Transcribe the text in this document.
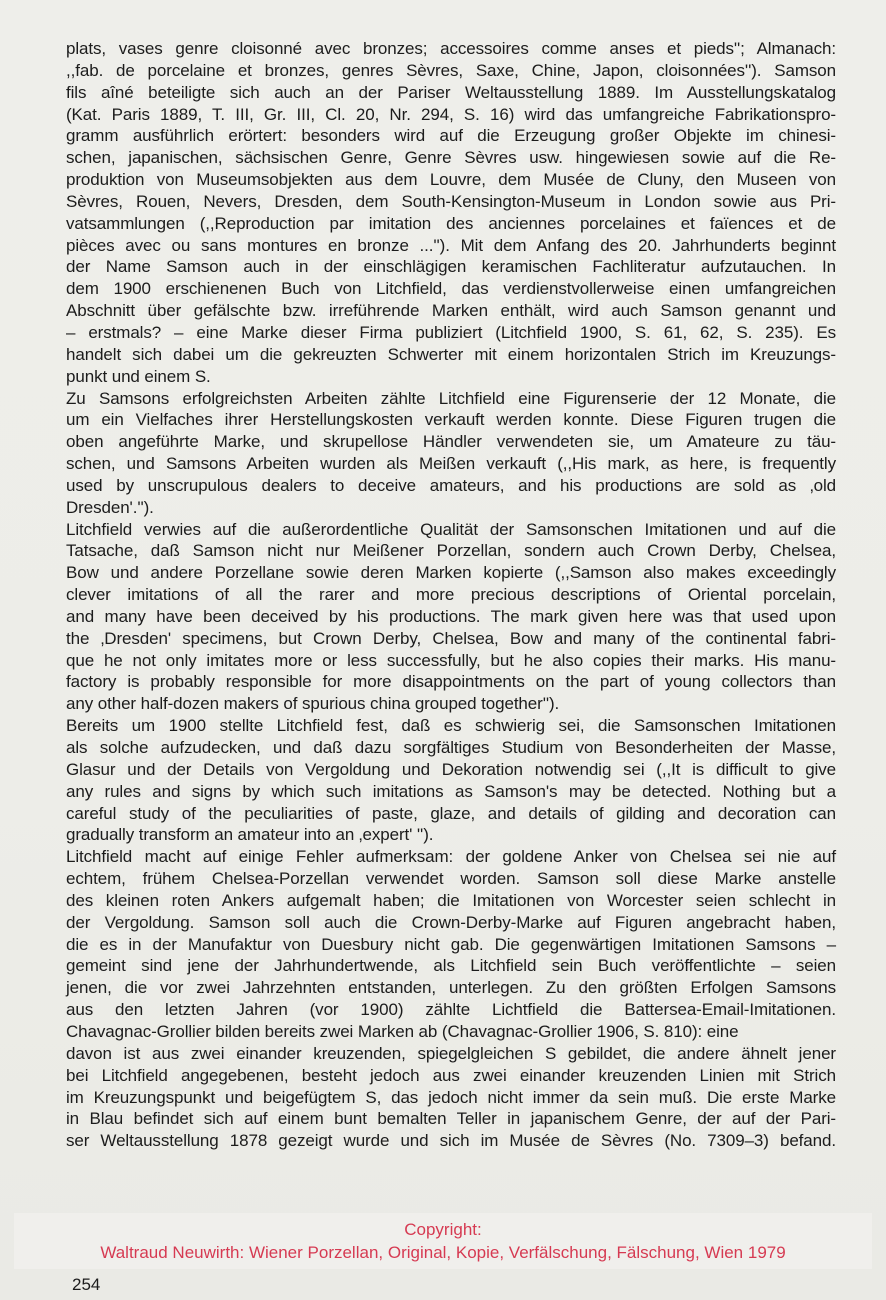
plats, vases genre cloisonné avec bronzes; accessoires comme anses et pieds''; Almanach:
,,fab. de porcelaine et bronzes, genres Sèvres, Saxe, Chine, Japon, cloisonnées''). Samson
fils aîné beteiligte sich auch an der Pariser Weltausstellung 1889. Im Ausstellungskatalog
(Kat. Paris 1889, T. III, Gr. III, Cl. 20, Nr. 294, S. 16) wird das umfangreiche Fabrikationspro-
gramm ausführlich erörtert: besonders wird auf die Erzeugung großer Objekte im chinesi-
schen, japanischen, sächsischen Genre, Genre Sèvres usw. hingewiesen sowie auf die Re-
produktion von Museumsobjekten aus dem Louvre, dem Musée de Cluny, den Museen von
Sèvres, Rouen, Nevers, Dresden, dem South-Kensington-Museum in London sowie aus Pri-
vatsammlungen (,,Reproduction par imitation des anciennes porcelaines et faïences et de
pièces avec ou sans montures en bronze ...''). Mit dem Anfang des 20. Jahrhunderts beginnt
der Name Samson auch in der einschlägigen keramischen Fachliteratur aufzutauchen. In
dem 1900 erschienenen Buch von Litchfield, das verdienstvollerweise einen umfangreichen
Abschnitt über gefälschte bzw. irreführende Marken enthält, wird auch Samson genannt und
– erstmals? – eine Marke dieser Firma publiziert (Litchfield 1900, S. 61, 62, S. 235). Es
handelt sich dabei um die gekreuzten Schwerter mit einem horizontalen Strich im Kreuzungs-
punkt und einem S.
Zu Samsons erfolgreichsten Arbeiten zählte Litchfield eine Figurenserie der 12 Monate, die
um ein Vielfaches ihrer Herstellungskosten verkauft werden konnte. Diese Figuren trugen die
oben angeführte Marke, und skrupellose Händler verwendeten sie, um Amateure zu täu-
schen, und Samsons Arbeiten wurden als Meißen verkauft (,,His mark, as here, is frequently
used by unscrupulous dealers to deceive amateurs, and his productions are sold as ‚old
Dresden'.'').
Litchfield verwies auf die außerordentliche Qualität der Samsonschen Imitationen und auf die
Tatsache, daß Samson nicht nur Meißener Porzellan, sondern auch Crown Derby, Chelsea,
Bow und andere Porzellane sowie deren Marken kopierte (,,Samson also makes exceedingly
clever imitations of all the rarer and more precious descriptions of Oriental porcelain,
and many have been deceived by his productions. The mark given here was that used upon
the ‚Dresden' specimens, but Crown Derby, Chelsea, Bow and many of the continental fabri-
que he not only imitates more or less successfully, but he also copies their marks. His manu-
factory is probably responsible for more disappointments on the part of young collectors than
any other half-dozen makers of spurious china grouped together'').
Bereits um 1900 stellte Litchfield fest, daß es schwierig sei, die Samsonschen Imitationen
als solche aufzudecken, und daß dazu sorgfältiges Studium von Besonderheiten der Masse,
Glasur und der Details von Vergoldung und Dekoration notwendig sei (,,It is difficult to give
any rules and signs by which such imitations as Samson's may be detected. Nothing but a
careful study of the peculiarities of paste, glaze, and details of gilding and decoration can
gradually transform an amateur into an ‚expert' '').
Litchfield macht auf einige Fehler aufmerksam: der goldene Anker von Chelsea sei nie auf
echtem, frühem Chelsea-Porzellan verwendet worden. Samson soll diese Marke anstelle
des kleinen roten Ankers aufgemalt haben; die Imitationen von Worcester seien schlecht in
der Vergoldung. Samson soll auch die Crown-Derby-Marke auf Figuren angebracht haben,
die es in der Manufaktur von Duesbury nicht gab. Die gegenwärtigen Imitationen Samsons –
gemeint sind jene der Jahrhundertwende, als Litchfield sein Buch veröffentlichte – seien
jenen, die vor zwei Jahrzehnten entstanden, unterlegen. Zu den größten Erfolgen Samsons
aus den letzten Jahren (vor 1900) zählte Lichtfield die Battersea-Email-Imitationen.
Chavagnac-Grollier bilden bereits zwei Marken ab (Chavagnac-Grollier 1906, S. 810): eine
davon ist aus zwei einander kreuzenden, spiegelgleichen S gebildet, die andere ähnelt jener
bei Litchfield angegebenen, besteht jedoch aus zwei einander kreuzenden Linien mit Strich
im Kreuzungspunkt und beigefügtem S, das jedoch nicht immer da sein muß. Die erste Marke
in Blau befindet sich auf einem bunt bemalten Teller in japanischem Genre, der auf der Pari-
ser Weltausstellung 1878 gezeigt wurde und sich im Musée de Sèvres (No. 7309–3) befand.
Copyright:
Waltraud Neuwirth: Wiener Porzellan, Original, Kopie, Verfälschung, Fälschung, Wien 1979
254
